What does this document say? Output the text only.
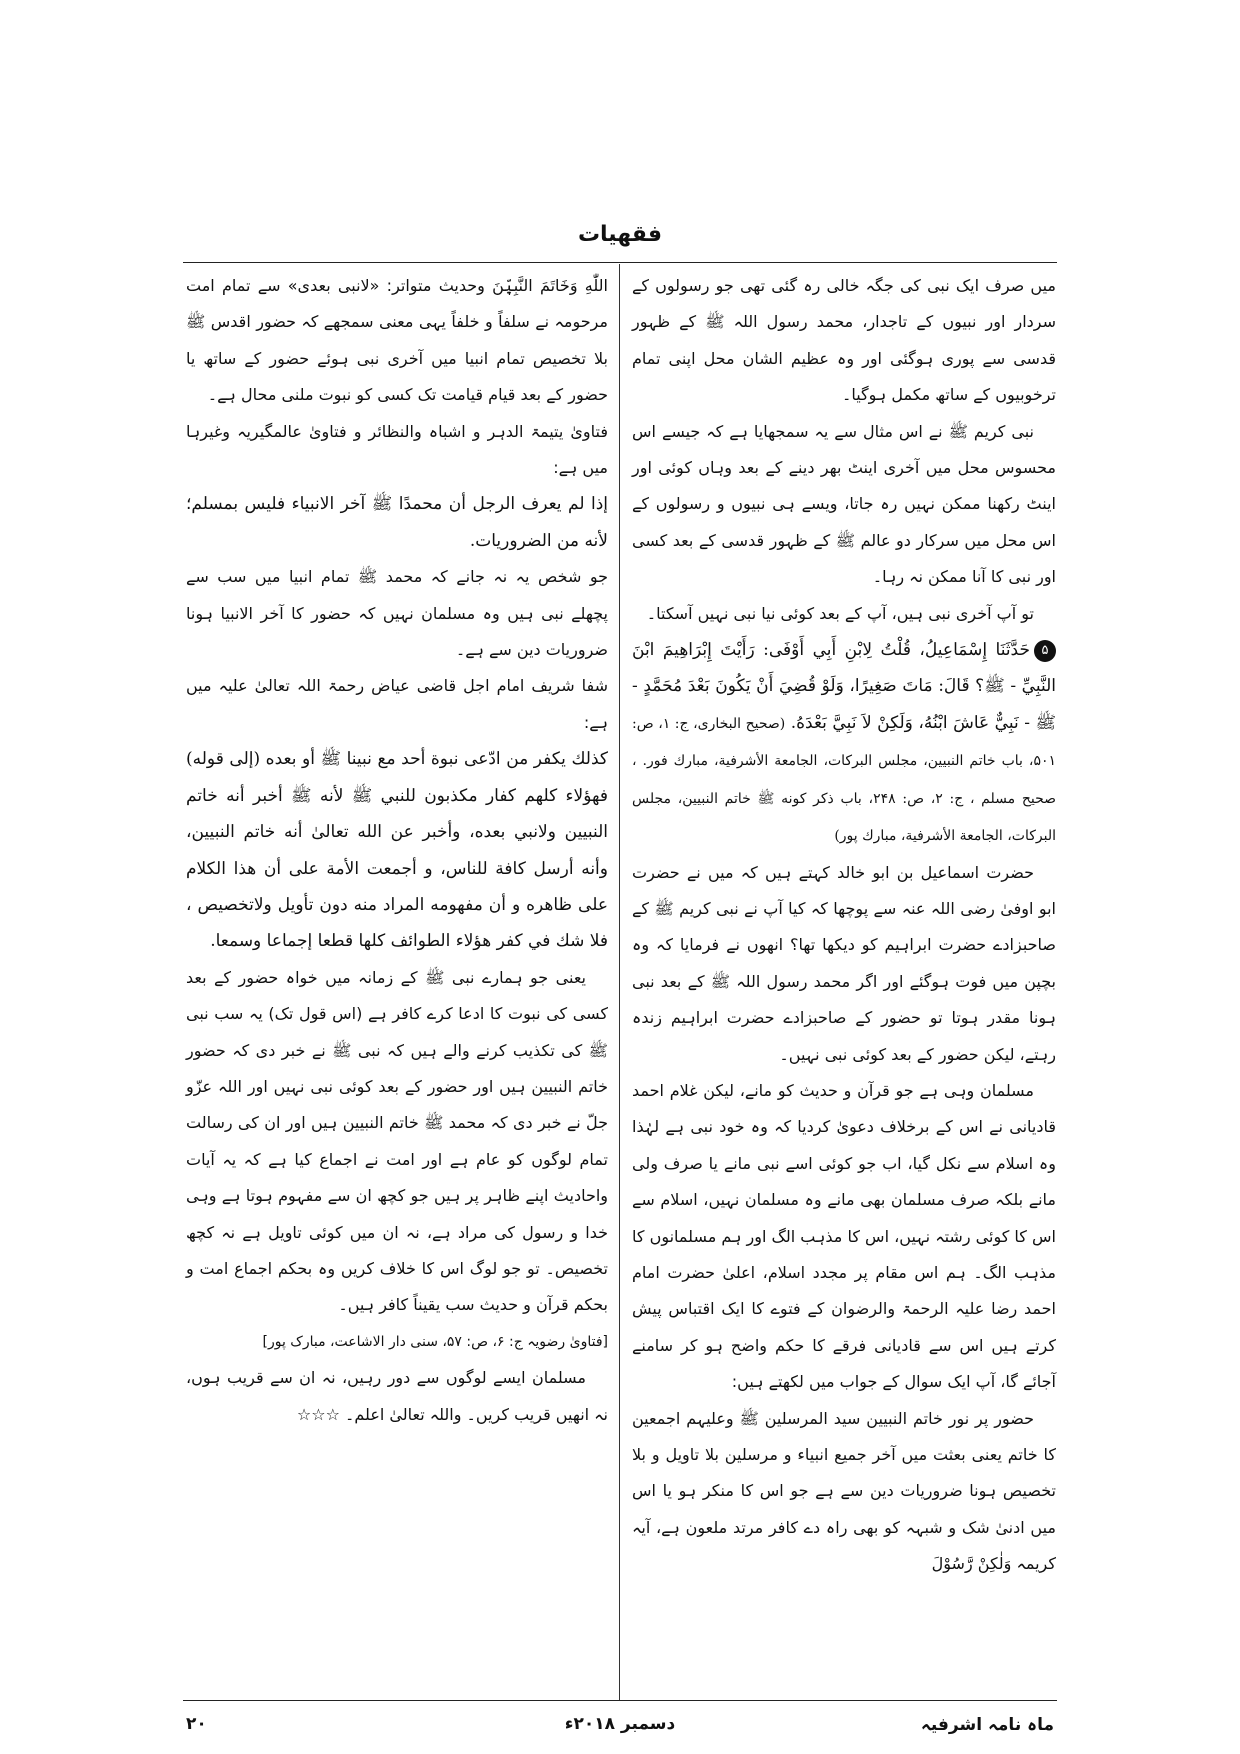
فقهیات

میں صرف ایک نبی کی جگہ خالی رہ گئی تھی جو رسولوں کے سردار اور نبیوں کے تاجدار، محمد رسول اللہ ﷺ کے ظہور قدسی سے پوری ہوگئی اور وہ عظیم الشان محل اپنی تمام ترخوبیوں کے ساتھ مکمل ہوگیا۔

نبی کریم ﷺ نے اس مثال سے یہ سمجھایا ہے کہ جیسے اس محسوس محل میں آخری اینٹ بھر دینے کے بعد وہاں کوئی اور اینٹ رکھنا ممکن نہیں رہ جاتا، ویسے ہی نبیوں و رسولوں کے اس محل میں سرکار دو عالم ﷺ کے ظہور قدسی کے بعد کسی اور نبی کا آنا ممکن نہ رہا۔

تو آپ آخری نبی ہیں، آپ کے بعد کوئی نیا نبی نہیں آسکتا۔

۵حَدَّثَنَا إِسْمَاعِيلُ، قُلْتُ لِابْنِ أَبِي أَوْفَى: رَأَيْتَ إِبْرَاهِيمَ ابْنَ النَّبِيِّ - ﷺ؟ قَالَ: مَاتَ صَغِيرًا، وَلَوْ قُضِيَ أَنْ يَكُونَ بَعْدَ مُحَمَّدٍ - ﷺ - نَبِيٌّ عَاشَ ابْنُهُ، وَلَكِنْ لاَ نَبِيَّ بَعْدَهُ. (صحیح البخاری، ج: ۱، ص: ۵۰۱، باب خاتم النبیین، مجلس البرکات، الجامعة الأشرفية، مبارك فور. ، صحيح مسلم ، ج: ۲، ص: ۲۴۸، باب ذكر كونه ﷺ خاتم النبيين، مجلس البركات، الجامعة الأشرفية، مبارك پور)

حضرت اسماعیل بن ابو خالد کہتے ہیں کہ میں نے حضرت ابو اوفیٰ رضی اللہ عنہ سے پوچھا کہ کیا آپ نے نبی کریم ﷺ کے صاحبزادے حضرت ابراہیم کو دیکھا تھا؟ انھوں نے فرمایا کہ وہ بچپن میں فوت ہوگئے اور اگر محمد رسول اللہ ﷺ کے بعد نبی ہونا مقدر ہوتا تو حضور کے صاحبزادے حضرت ابراہیم زندہ رہتے، لیکن حضور کے بعد کوئی نبی نہیں۔

مسلمان وہی ہے جو قرآن و حدیث کو مانے، لیکن غلام احمد قادیانی نے اس کے برخلاف دعویٰ کردیا کہ وہ خود نبی ہے لہٰذا وہ اسلام سے نکل گیا، اب جو کوئی اسے نبی مانے یا صرف ولی مانے بلکہ صرف مسلمان بھی مانے وہ مسلمان نہیں، اسلام سے اس کا کوئی رشتہ نہیں، اس کا مذہب الگ اور ہم مسلمانوں کا مذہب الگ۔ ہم اس مقام پر مجدد اسلام، اعلیٰ حضرت امام احمد رضا علیہ الرحمۃ والرضوان کے فتوے کا ایک اقتباس پیش کرتے ہیں اس سے قادیانی فرقے کا حکم واضح ہو کر سامنے آجائے گا، آپ ایک سوال کے جواب میں لکھتے ہیں:

حضور پر نور خاتم النبیین سید المرسلین ﷺ وعلیہم اجمعین کا خاتم یعنی بعثت میں آخر جمیع انبیاء و مرسلین بلا تاویل و بلا تخصیص ہونا ضروریات دین سے ہے جو اس کا منکر ہو یا اس میں ادنیٰ شک و شبہہ کو بھی راہ دے کافر مرتد ملعون ہے، آیہ کریمہ وَلٰكِنْ رَّسُوْلَ

اللّٰهِ وَخَاتَمَ النَّبِيّٖنَ وحدیث متواتر: «لانبی بعدی» سے تمام امت مرحومہ نے سلفاً و خلفاً یہی معنی سمجھے کہ حضور اقدس ﷺ بلا تخصیص تمام انبیا میں آخری نبی ہوئے حضور کے ساتھ یا حضور کے بعد قیام قیامت تک کسی کو نبوت ملنی محال ہے۔

فتاویٰ یتیمۃ الدہر و اشباہ والنظائر و فتاویٰ عالمگیریہ وغیرہا میں ہے:

إذا لم يعرف الرجل أن محمدًا ﷺ آخر الانبياء فليس بمسلم؛ لأنه من الضروريات.

جو شخص یہ نہ جانے کہ محمد ﷺ تمام انبیا میں سب سے پچھلے نبی ہیں وہ مسلمان نہیں کہ حضور کا آخر الانبیا ہونا ضروریات دین سے ہے۔

شفا شریف امام اجل قاضی عیاض رحمۃ اللہ تعالیٰ علیہ میں ہے:

كذلك يكفر من ادّعى نبوة أحد مع نبينا ﷺ أو بعده (إلى قوله) فهؤلاء كلهم كفار مكذبون للنبي ﷺ لأنه ﷺ أخبر أنه خاتم النبيين ولانبي بعده، وأخبر عن الله تعالىٰ أنه خاتم النبيين، وأنه أرسل كافة للناس، و أجمعت الأمة على أن هذا الكلام على ظاهره و أن مفهومه المراد منه دون تأويل ولاتخصيص ، فلا شك في كفر هؤلاء الطوائف كلها قطعا إجماعا وسمعا.

یعنی جو ہمارے نبی ﷺ کے زمانہ میں خواہ حضور کے بعد کسی کی نبوت کا ادعا کرے کافر ہے (اس قول تک) یہ سب نبی ﷺ کی تکذیب کرنے والے ہیں کہ نبی ﷺ نے خبر دی کہ حضور خاتم النبیین ہیں اور حضور کے بعد کوئی نبی نہیں اور اللہ عزّو جلّ نے خبر دی کہ محمد ﷺ خاتم النبیین ہیں اور ان کی رسالت تمام لوگوں کو عام ہے اور امت نے اجماع کیا ہے کہ یہ آیات واحادیث اپنے ظاہر پر ہیں جو کچھ ان سے مفہوم ہوتا ہے وہی خدا و رسول کی مراد ہے، نہ ان میں کوئی تاویل ہے نہ کچھ تخصیص۔ تو جو لوگ اس کا خلاف کریں وہ بحکم اجماع امت و بحکم قرآن و حدیث سب یقیناً کافر ہیں۔

[فتاویٰ رضویہ ج: ۶، ص: ۵۷، سنی دار الاشاعت، مبارک پور]

مسلمان ایسے لوگوں سے دور رہیں، نہ ان سے قریب ہوں، نہ انھیں قریب کریں۔ واللہ تعالیٰ اعلم۔ ☆☆☆

ماہ نامہ اشرفیہ
دسمبر ۲۰۱۸ء
۲۰
